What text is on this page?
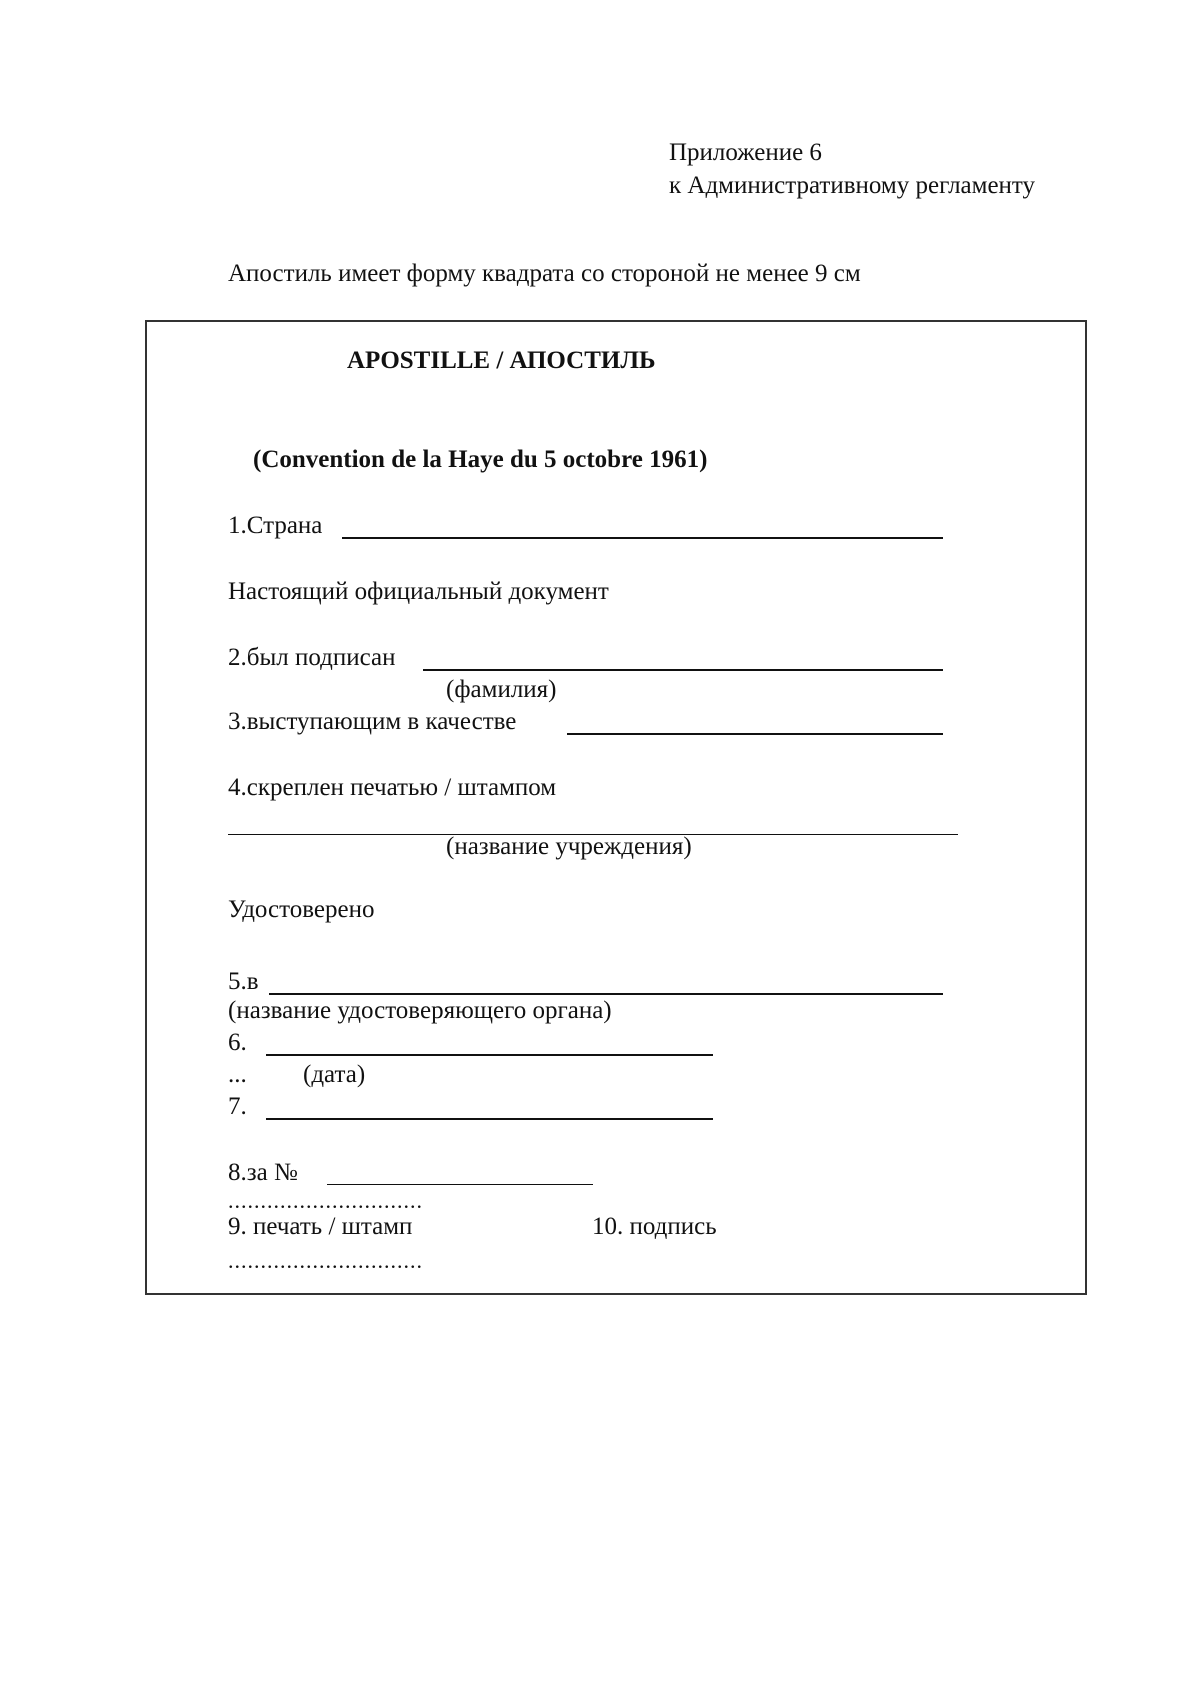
Приложение 6
к Административному регламенту
Апостиль имеет форму квадрата со стороной не менее 9 см
APOSTILLE / АПОСТИЛЬ
(Convention de la Haye du 5 octobre 1961)
1.Страна
Настоящий официальный документ
2.был подписан
(фамилия)
3.выступающим в качестве
4.скреплен печатью / штампом
(название учреждения)
Удостоверено
5.в
(название удостоверяющего органа)
6.
... (дата)
7.
8.за №
..............................
9. печать / штамп	10. подпись
..............................
